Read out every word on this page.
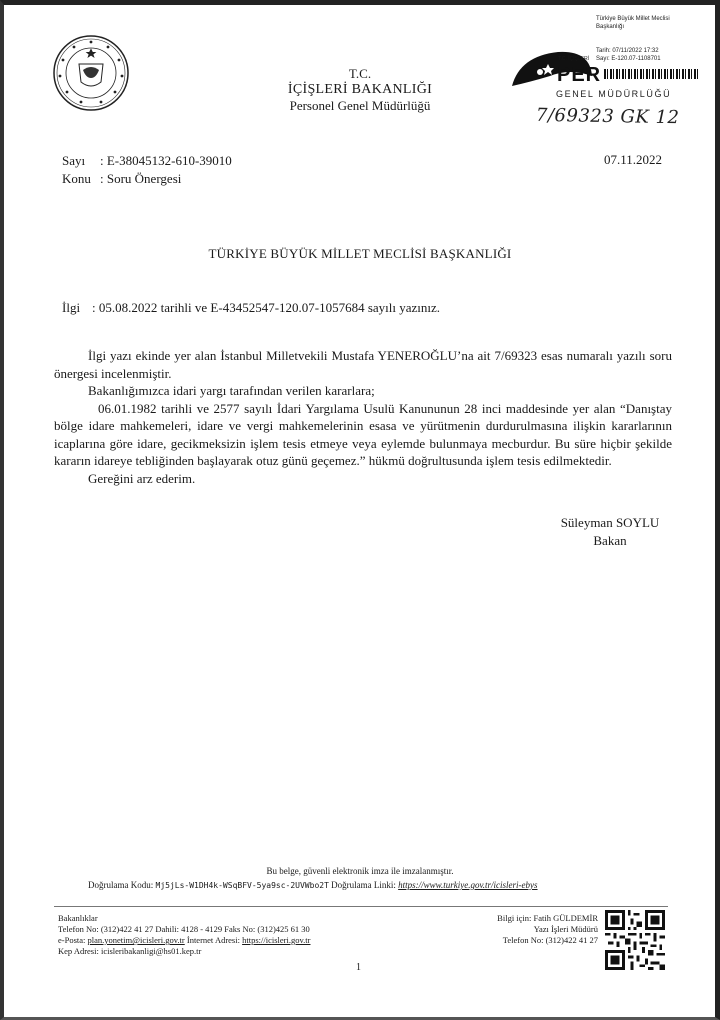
T.C.
İÇİŞLERİ BAKANLIĞI
Personel Genel Müdürlüğü
Türkiye Büyük Millet Meclisi
Başkanlığı
Tarih: 07/11/2022 17:32
Sayı: E-120.07-1108701
T.C. İÇİŞLERİ
PER
GENEL MÜDÜRLÜĞÜ
7/69323 GK 12
Sayı	: E-38045132-610-39010
Konu : Soru Önergesi
07.11.2022
TÜRKİYE BÜYÜK MİLLET MECLİSİ BAŞKANLIĞI
İlgi : 05.08.2022 tarihli ve E-43452547-120.07-1057684 sayılı yazınız.

İlgi yazı ekinde yer alan İstanbul Milletvekili Mustafa YENEROĞLU’na ait 7/69323 esas numaralı yazılı soru önergesi incelenmiştir.

Bakanlığımızca idari yargı tarafından verilen kararlara;

06.01.1982 tarihli ve 2577 sayılı İdari Yargılama Usulü Kanununun 28 inci maddesinde yer alan “Danıştay bölge idare mahkemeleri, idare ve vergi mahkemelerinin esasa ve yürütmenin durdurulmasına ilişkin kararlarının icaplarına göre idare, gecikmeksizin işlem tesis etmeye veya eylemde bulunmaya mecburdur. Bu süre hiçbir şekilde kararın idareye tebliğinden başlayarak otuz günü geçemez.” hükmü doğrultusunda işlem tesis edilmektedir.

Gereğini arz ederim.

Süleyman SOYLU
Bakan
Bu belge, güvenli elektronik imza ile imzalanmıştır.
Doğrulama Kodu: Mj5jLs-W1DH4k-WSqBFV-5ya9sc-2UVWbo2T Doğrulama Linki: https://www.turkiye.gov.tr/icisleri-ebys
Bakanlıklar
Telefon No: (312)422 41 27 Dahili: 4128 - 4129 Faks No: (312)425 61 30
e-Posta: plan.yonetim@icisleri.gov.tr İnternet Adresi: https://icisleri.gov.tr
Kep Adresi: icisleribakanligi@hs01.kep.tr
Bilgi için: Fatih GÜLDEMİR
Yazı İşleri Müdürü
Telefon No: (312)422 41 27
1
